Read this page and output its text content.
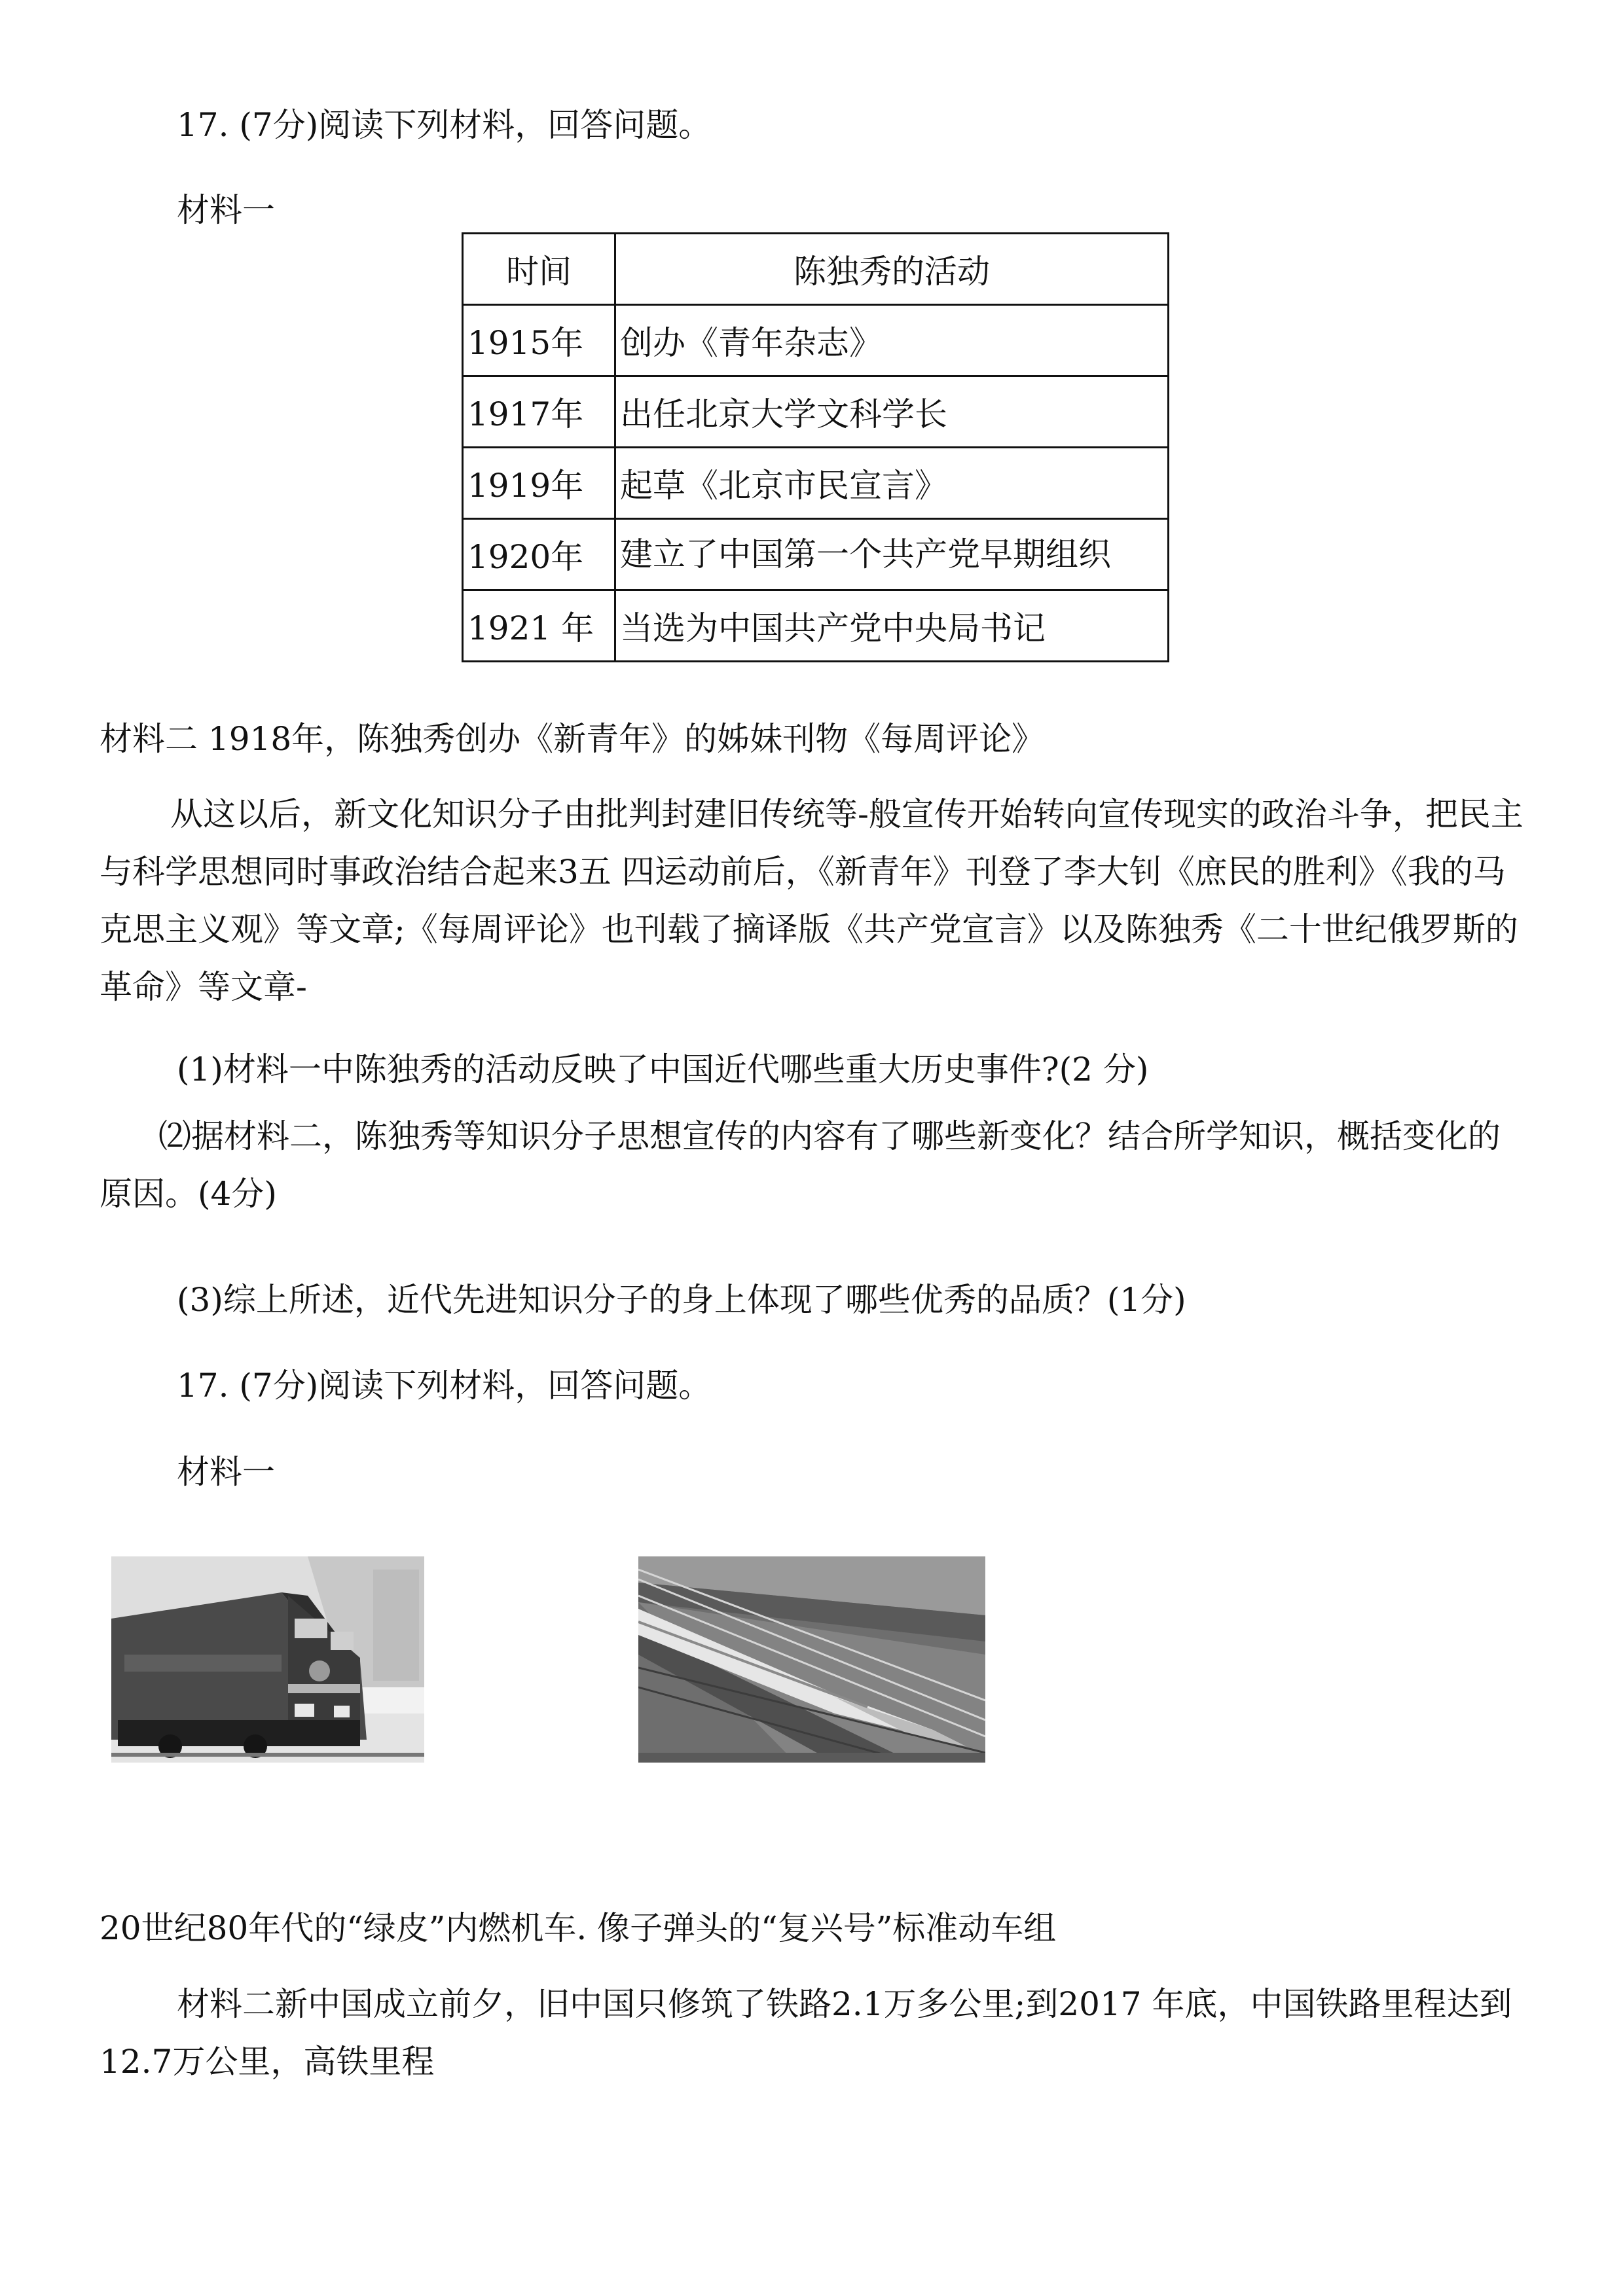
17. (7分)阅读下列材料，回答问题。
材料一
时间	陈独秀的活动
1915年	创办《青年杂志》
1917年	出任北京大学文科学长
1919年	起草《北京市民宣言》
1920年	建立了中国第一个共产党早期组织
1921 年	当选为中国共产党中央局书记
材料二 1918年，陈独秀创办《新青年》的姊妹刊物《每周评论》
从这以后，新文化知识分子由批判封建旧传统等-般宣传开始转向宣传现实的政治斗争，把民主与科学思想同时事政治结合起来3五 四运动前后，《新青年》刊登了李大钊《庶民的胜利》《我的马克思主义观》等文章;《每周评论》也刊载了摘译版《共产党宣言》以及陈独秀《二十世纪俄罗斯的革命》等文章-
(1)材料一中陈独秀的活动反映了中国近代哪些重大历史事件?(2 分)
⑵据材料二，陈独秀等知识分子思想宣传的内容有了哪些新变化？结合所学知识，概括变化的原因。(4分)
(3)综上所述，近代先进知识分子的身上体现了哪些优秀的品质？(1分)
17. (7分)阅读下列材料，回答问题。
材料一
20世纪80年代的“绿皮”内燃机车. 像子弹头的“复兴号”标准动车组
材料二新中国成立前夕，旧中国只修筑了铁路2.1万多公里;到2017 年底，中国铁路里程达到12.7万公里，高铁里程
